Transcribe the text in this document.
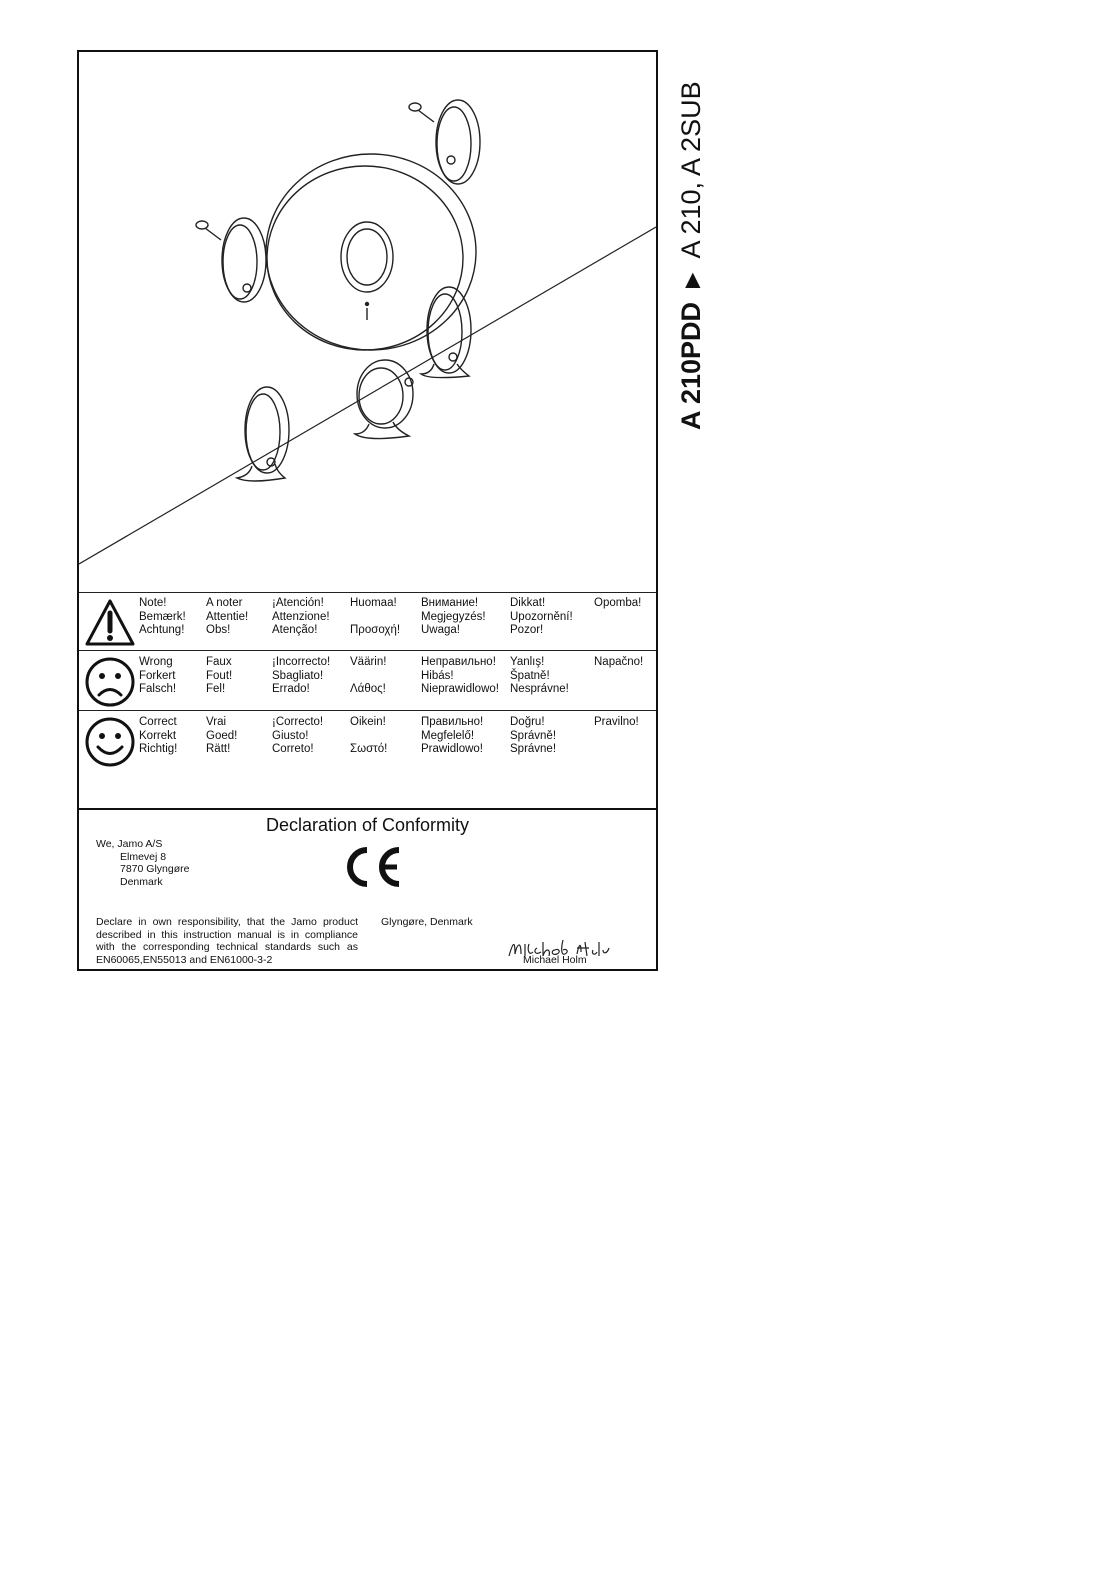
Note!
Bemærk!
Achtung!
A noter
Attentie!
Obs!
¡Atención!
Attenzione!
Atenção!
Huomaa!
Προσοχή!
Внимание!
Megjegyzés!
Uwaga!
Dikkat!
Upozornění!
Pozor!
Opomba!
Wrong
Forkert
Falsch!
Faux
Fout!
Fel!
¡Incorrecto!
Sbagliato!
Errado!
Väärin!
Λάθος!
Неправильно!
Hibás!
Nieprawidlowo!
Yanlış!
Špatně!
Nesprávne!
Napačno!
Correct
Korrekt
Richtig!
Vrai
Goed!
Rätt!
¡Correcto!
Giusto!
Correto!
Oikein!
Σωστό!
Правильно!
Megfelelő!
Prawidlowo!
Doğru!
Správně!
Správne!
Pravilno!
Declaration of Conformity
We, Jamo A/S
Elmevej 8
7870 Glyngøre
Denmark
Declare in own responsibility, that the Jamo product described in this instruction manual is in compliance with the corresponding technical standards such as EN60065,EN55013 and EN61000-3-2
Glyngøre, Denmark
Michael Holm
A 210PDD▶A 210, A 2SUB
